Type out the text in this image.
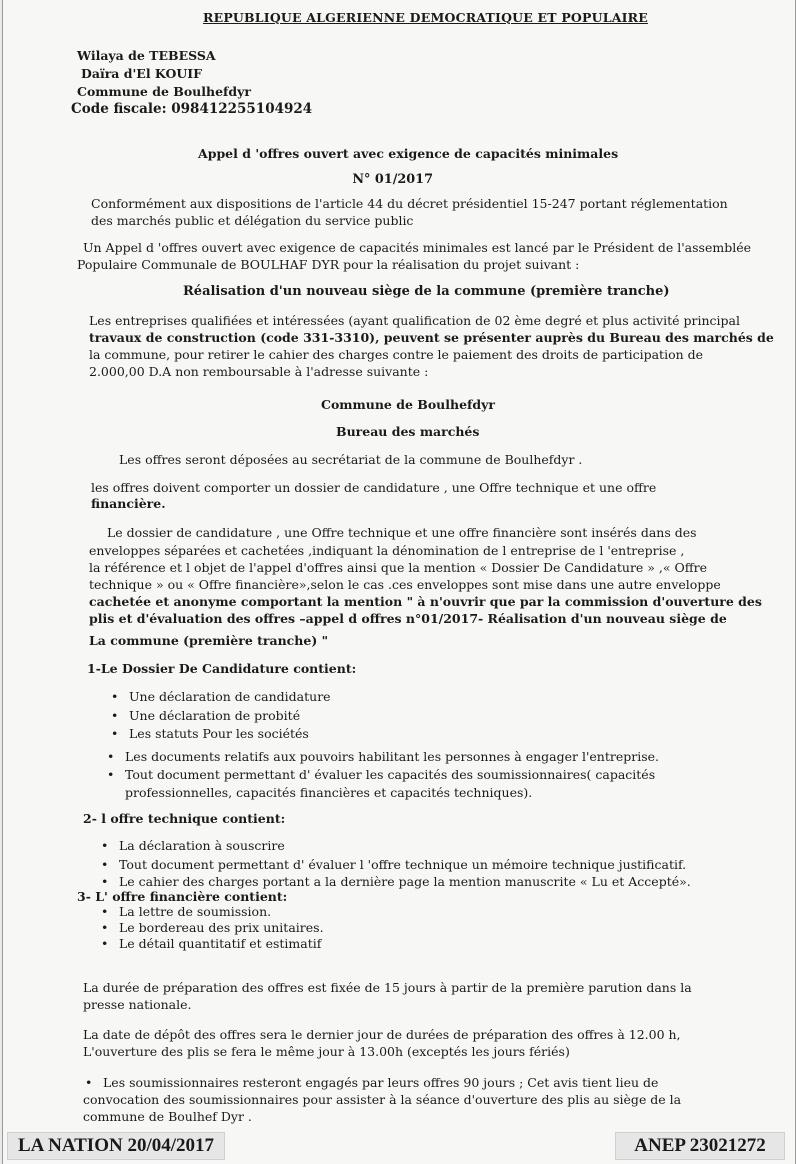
REPUBLIQUE ALGERIENNE DEMOCRATIQUE ET POPULAIRE
Wilaya de TEBESSA
Daïra d'El KOUIF
Commune de Boulhefdyr
Code fiscale: 098412255104924
Appel d 'offres ouvert avec exigence de capacités minimales
N° 01/2017
Conformément aux dispositions de l'article 44 du décret présidentiel 15-247 portant réglementation
des marchés public et délégation du service public
Un Appel d 'offres ouvert avec exigence de capacités minimales est lancé par le Président de l'assemblée
Populaire Communale de BOULHAF DYR pour la réalisation du projet suivant :
Réalisation d'un nouveau siège de la commune (première tranche)
Les entreprises qualifiées et intéressées (ayant qualification de 02 ème degré et plus activité principal
travaux de construction (code 331-3310), peuvent se présenter auprès du Bureau des marchés de
la commune, pour retirer le cahier des charges contre le paiement des droits de participation de
2.000,00 D.A non remboursable à l'adresse suivante :
Commune de Boulhefdyr
Bureau des marchés
Les offres seront déposées au secrétariat de la commune de Boulhefdyr .
les offres doivent comporter un dossier de candidature , une Offre technique et une offre
financière.
Le dossier de candidature , une Offre technique et une offre financière sont insérés dans des
enveloppes séparées et cachetées ,indiquant la dénomination de l entreprise de l 'entreprise ,
la référence et l objet de l'appel d'offres ainsi que la mention « Dossier De Candidature » ,« Offre
technique » ou « Offre financière»,selon le cas .ces enveloppes sont mise dans une autre enveloppe
cachetée et anonyme comportant la mention " à n'ouvrir que par la commission d'ouverture des
plis et d'évaluation des offres –appel d offres n°01/2017- Réalisation d'un nouveau siège de
La commune (première tranche) "
1-Le Dossier De Candidature contient:
• Une déclaration de candidature
• Une déclaration de probité
• Les statuts Pour les sociétés
• Les documents relatifs aux pouvoirs habilitant les personnes à engager l'entreprise.
• Tout document permettant d' évaluer les capacités des soumissionnaires( capacités
professionnelles, capacités financières et capacités techniques).
2- l offre technique contient:
• La déclaration à souscrire
• Tout document permettant d' évaluer l 'offre technique un mémoire technique justificatif.
• Le cahier des charges portant a la dernière page la mention manuscrite « Lu et Accepté».
3- L' offre financière contient:
• La lettre de soumission.
• Le bordereau des prix unitaires.
• Le détail quantitatif et estimatif
La durée de préparation des offres est fixée de 15 jours à partir de la première parution dans la
presse nationale.
La date de dépôt des offres sera le dernier jour de durées de préparation des offres à 12.00 h,
L'ouverture des plis se fera le même jour à 13.00h (exceptés les jours fériés)
• Les soumissionnaires resteront engagés par leurs offres 90 jours ; Cet avis tient lieu de
convocation des soumissionnaires pour assister à la séance d'ouverture des plis au siège de la
commune de Boulhef Dyr .
LA NATION 20/04/2017	ANEP 23021272
